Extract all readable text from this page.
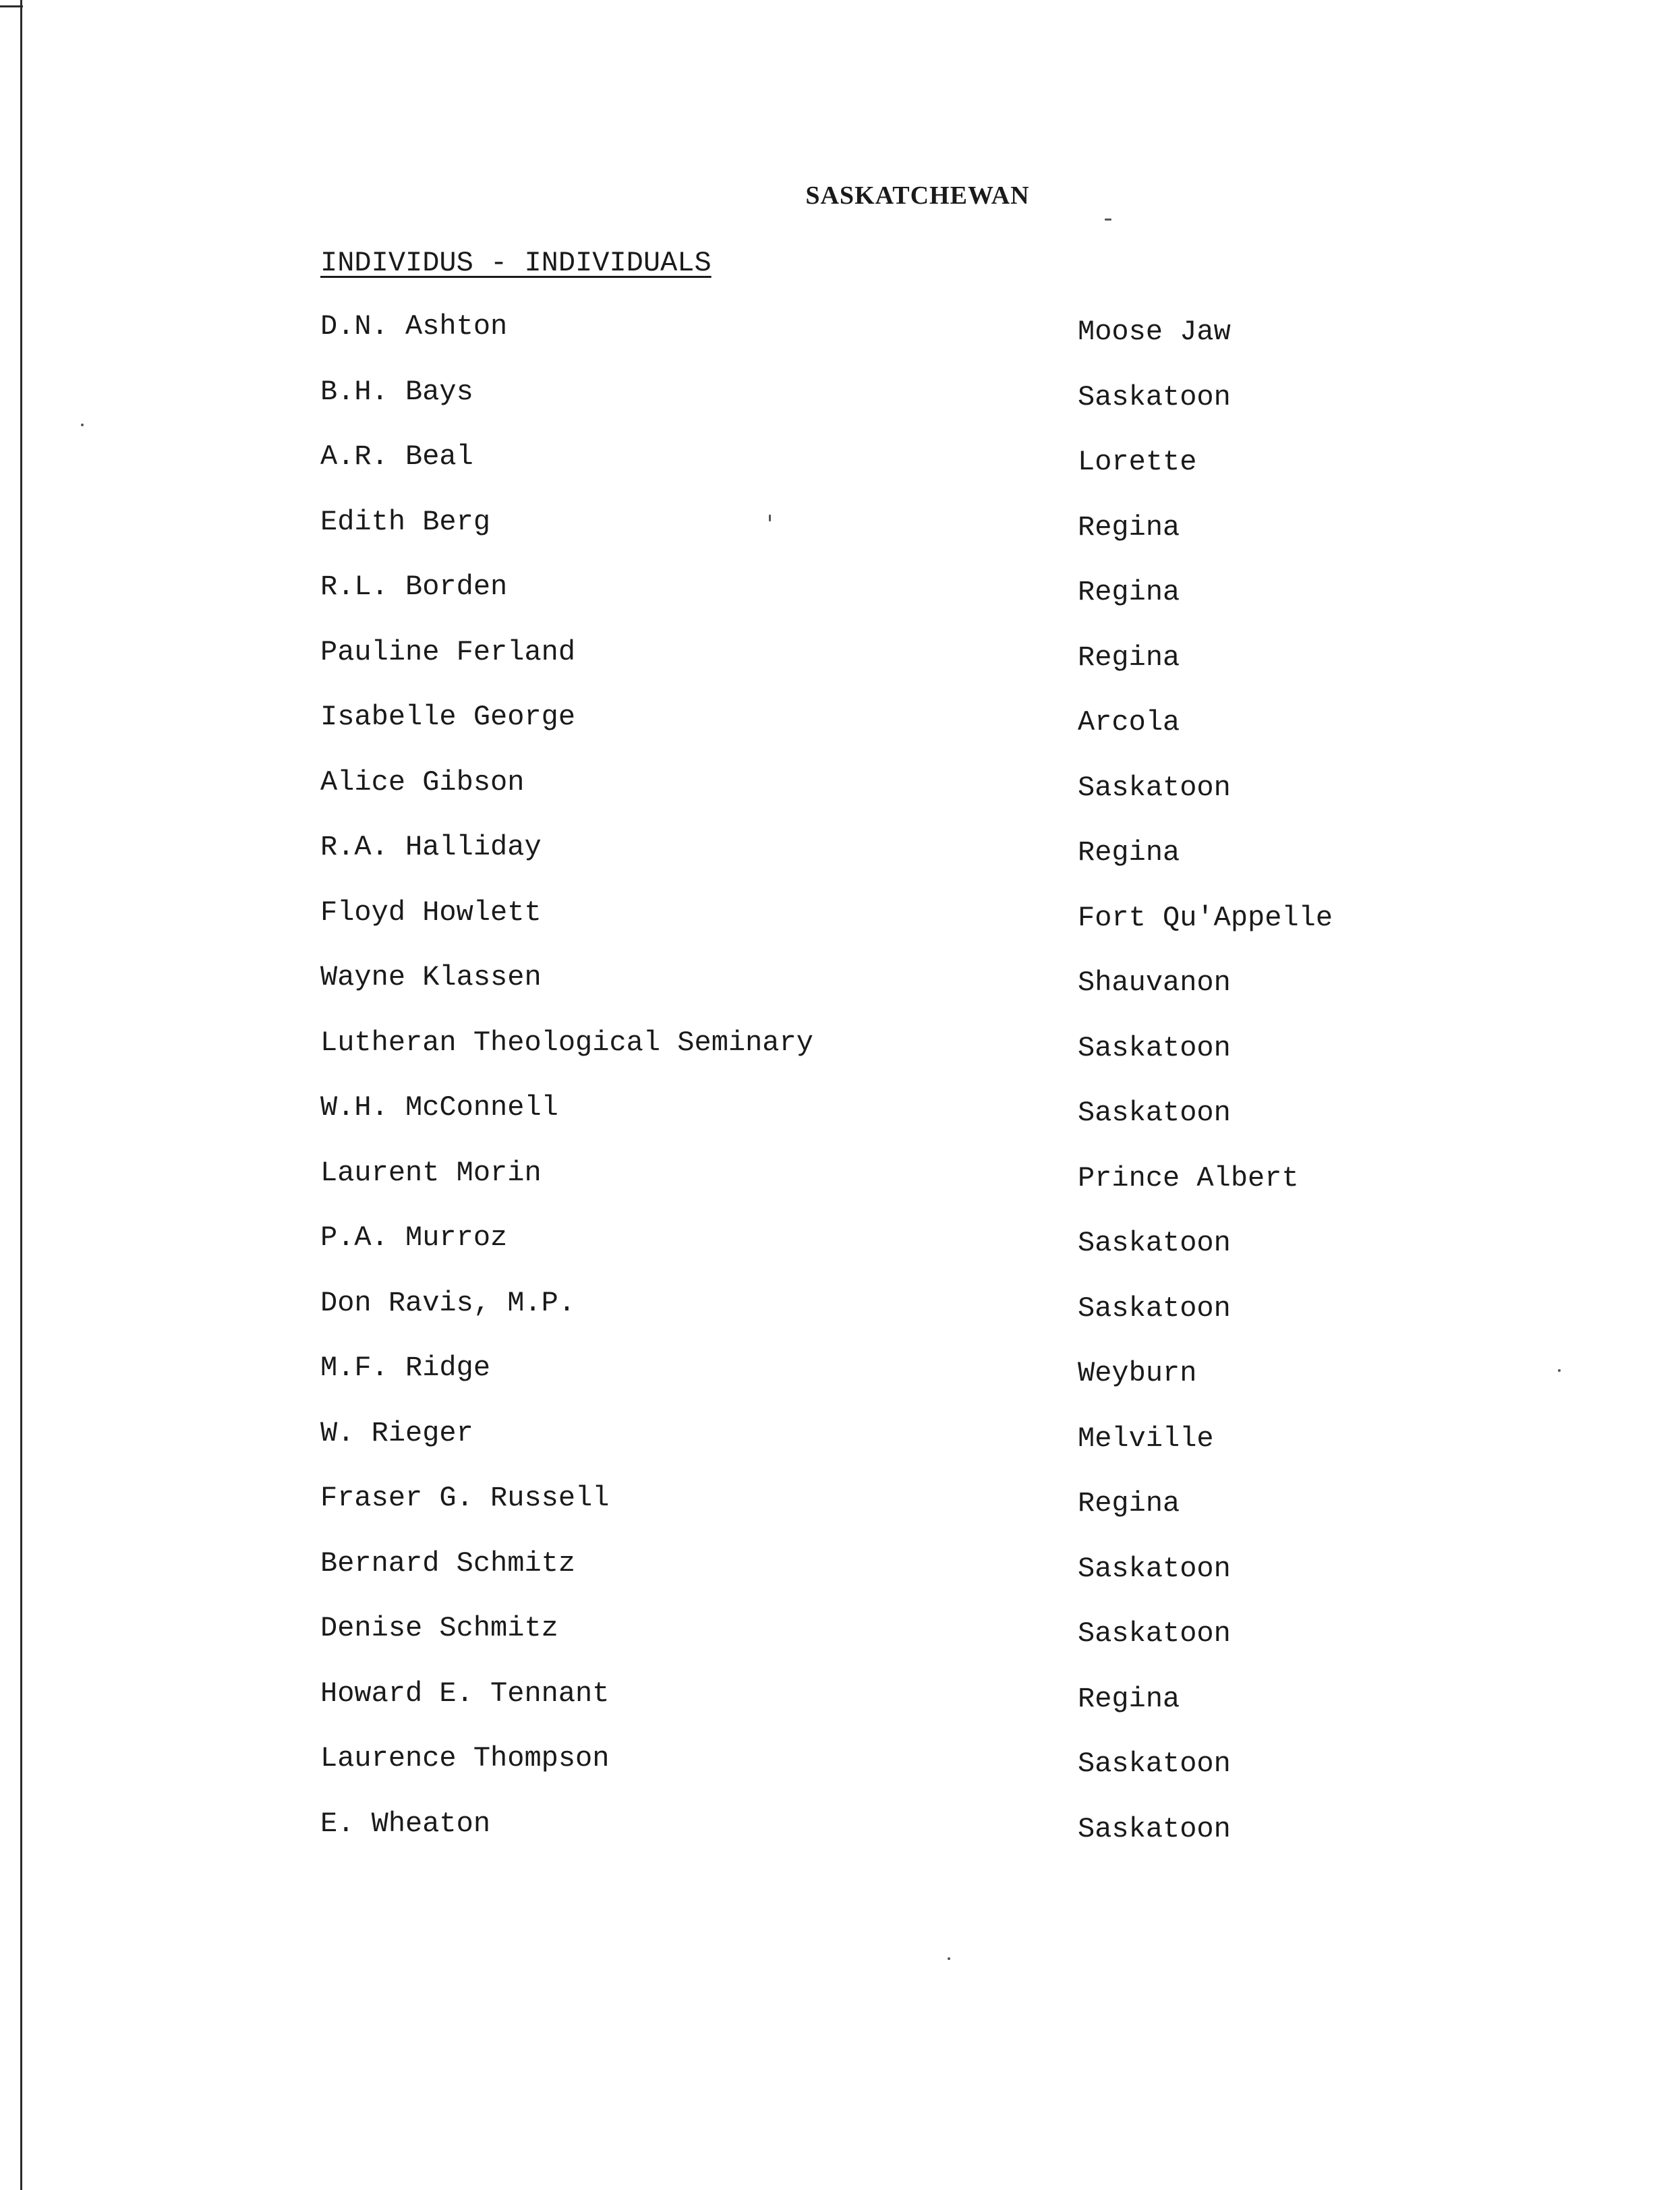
SASKATCHEWAN
INDIVIDUS - INDIVIDUALS
D.N. Ashton	Moose Jaw
B.H. Bays	Saskatoon
A.R. Beal	Lorette
Edith Berg	Regina
R.L. Borden	Regina
Pauline Ferland	Regina
Isabelle George	Arcola
Alice Gibson	Saskatoon
R.A. Halliday	Regina
Floyd Howlett	Fort Qu'Appelle
Wayne Klassen	Shauvanon
Lutheran Theological Seminary	Saskatoon
W.H. McConnell	Saskatoon
Laurent Morin	Prince Albert
P.A. Murroz	Saskatoon
Don Ravis, M.P.	Saskatoon
M.F. Ridge	Weyburn
W. Rieger	Melville
Fraser G. Russell	Regina
Bernard Schmitz	Saskatoon
Denise Schmitz	Saskatoon
Howard E. Tennant	Regina
Laurence Thompson	Saskatoon
E. Wheaton	Saskatoon
